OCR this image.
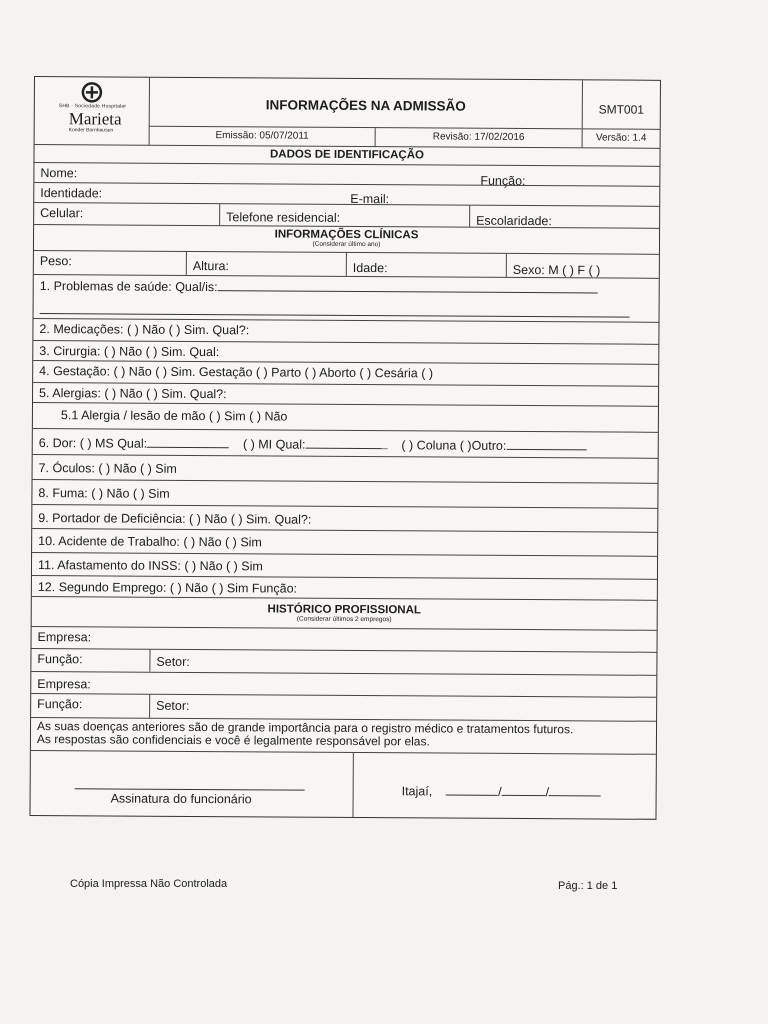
SHB · Sociedade Hospitalar
Marieta
Konder Bornhausen
INFORMAÇÕES NA ADMISSÃO
Emissão: 05/07/2011	Revisão: 17/02/2016
SMT001
Versão: 1.4
DADOS DE IDENTIFICAÇÃO
Nome:
Função:
Identidade:	E-mail:
Celular:	Telefone residencial:	Escolaridade:
INFORMAÇÕES CLÍNICAS
(Considerar último ano)
Peso:	Altura:	Idade:	Sexo: M ( ) F ( )
1. Problemas de saúde: Qual/is:
2. Medicações: ( ) Não ( ) Sim. Qual?:
3. Cirurgia: ( ) Não ( ) Sim. Qual:
4. Gestação: ( ) Não ( ) Sim. Gestação ( ) Parto ( ) Aborto ( ) Cesária ( )
5. Alergias: ( ) Não ( ) Sim. Qual?:
5.1 Alergia / lesão de mão ( ) Sim ( ) Não
6. Dor: ( ) MS Qual:	( ) MI Qual:	( ) Coluna ( )Outro:
7. Óculos: ( ) Não ( ) Sim
8. Fuma: ( ) Não ( ) Sim
9. Portador de Deficiência: ( ) Não ( ) Sim. Qual?:
10. Acidente de Trabalho: ( ) Não ( ) Sim
11. Afastamento do INSS: ( ) Não ( ) Sim
12. Segundo Emprego: ( ) Não ( ) Sim Função:
HISTÓRICO PROFISSIONAL
(Considerar últimos 2 empregos)
Empresa:
Função:	Setor:
Empresa:
Função:	Setor:
As suas doenças anteriores são de grande importância para o registro médico e tratamentos futuros.
As respostas são confidenciais e você é legalmente responsável por elas.
Assinatura do funcionário
Itajaí,	/	/
Cópia Impressa Não Controlada	Pág.: 1 de 1
